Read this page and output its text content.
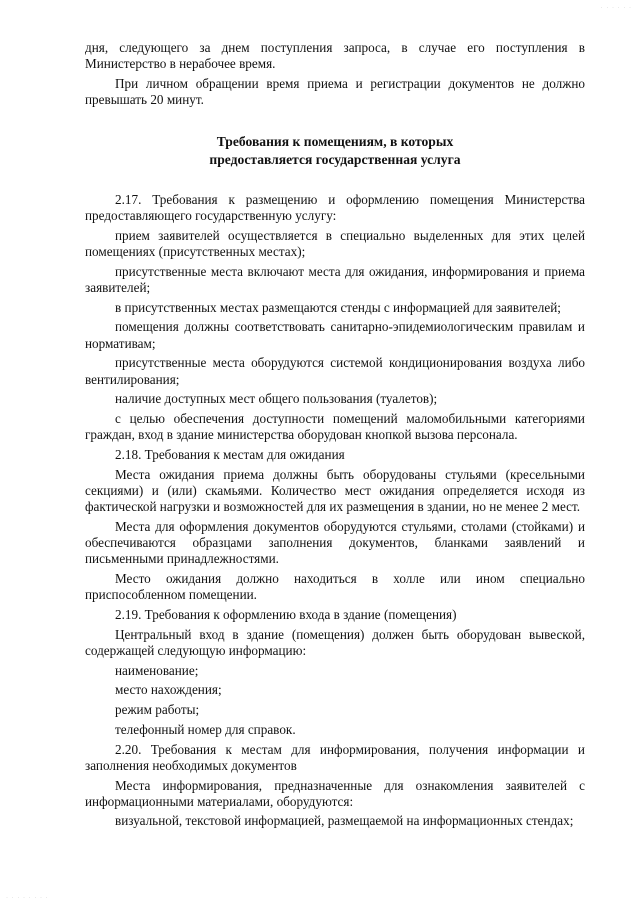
· · · · · ·

дня, следующего за днем поступления запроса, в случае его поступления в Министерство в нерабочее время.

При личном обращении время приема и регистрации документов не должно превышать 20 минут.

Требования к помещениям, в которых
предоставляется государственная услуга

2.17. Требования к размещению и оформлению помещения Министерства предоставляющего государственную услугу:

прием заявителей осуществляется в специально выделенных для этих целей помещениях (присутственных местах);

присутственные места включают места для ожидания, информирования и приема заявителей;

в присутственных местах размещаются стенды с информацией для заявителей;

помещения должны соответствовать санитарно-эпидемиологическим правилам и нормативам;

присутственные места оборудуются системой кондиционирования воздуха либо вентилирования;

наличие доступных мест общего пользования (туалетов);

с целью обеспечения доступности помещений маломобильными категориями граждан, вход в здание министерства оборудован кнопкой вызова персонала.

2.18. Требования к местам для ожидания

Места ожидания приема должны быть оборудованы стульями (кресельными секциями) и (или) скамьями. Количество мест ожидания определяется исходя из фактической нагрузки и возможностей для их размещения в здании, но не менее 2 мест.

Места для оформления документов оборудуются стульями, столами (стойками) и обеспечиваются образцами заполнения документов, бланками заявлений и письменными принадлежностями.

Место ожидания должно находиться в холле или ином специально приспособленном помещении.

2.19. Требования к оформлению входа в здание (помещения)

Центральный вход в здание (помещения) должен быть оборудован вывеской, содержащей следующую информацию:

наименование;

место нахождения;

режим работы;

телефонный номер для справок.

2.20. Требования к местам для информирования, получения информации и заполнения необходимых документов

Места информирования, предназначенные для ознакомления заявителей с информационными материалами, оборудуются:

визуальной, текстовой информацией, размещаемой на информационных стендах;

· · · · · · · ·
